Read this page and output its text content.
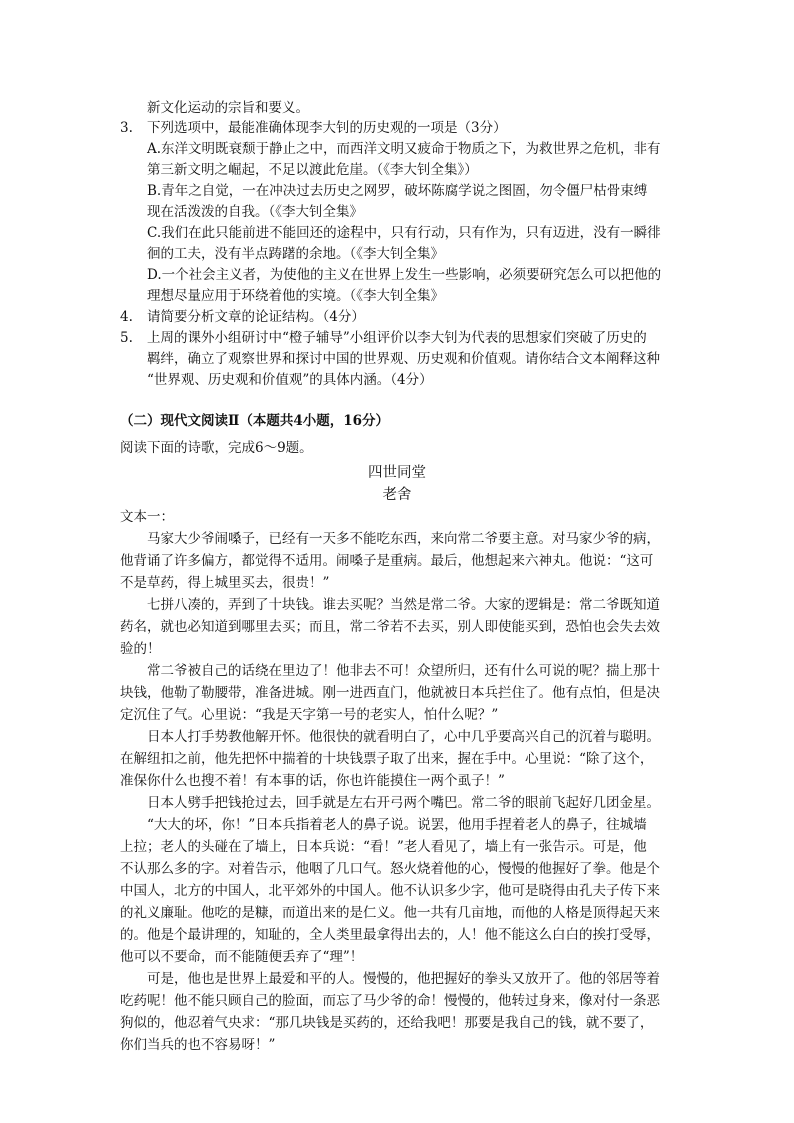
新文化运动的宗旨和要义。
3. 下列选项中，最能准确体现李大钊的历史观的一项是（3分）
A.东洋文明既衰颓于静止之中，而西洋文明又疲命于物质之下，为救世界之危机，非有
第三新文明之崛起，不足以渡此危崖。（《李大钊全集》）
B.青年之自觉，一在冲决过去历史之网罗，破坏陈腐学说之图圄，勿令僵尸枯骨束缚
现在活泼泼的自我。（《李大钊全集》
C.我们在此只能前进不能回还的途程中，只有行动，只有作为，只有迈进，没有一瞬徘
徊的工夫，没有半点踌躇的余地。（《李大钊全集》
D.一个社会主义者，为使他的主义在世界上发生一些影响，必须要研究怎么可以把他的
理想尽量应用于环绕着他的实境。（《李大钊全集》
4. 请简要分析文章的论证结构。（4分）
5. 上周的课外小组研讨中“橙子辅导”小组评价以李大钊为代表的思想家们突破了历史的
羁绊，确立了观察世界和探讨中国的世界观、历史观和价值观。请你结合文本阐释这种
“世界观、历史观和价值观”的具体内涵。（4分）
（二）现代文阅读Ⅱ（本题共4小题，16分）
阅读下面的诗歌，完成6～9题。
四世同堂
老舍
文本一：
马家大少爷闹嗓子，已经有一天多不能吃东西，来向常二爷要主意。对马家少爷的病，
他背诵了许多偏方，都觉得不适用。闹嗓子是重病。最后，他想起来六神丸。他说：“这可
不是草药，得上城里买去，很贵！”
七拼八凑的，弄到了十块钱。谁去买呢？当然是常二爷。大家的逻辑是：常二爷既知道
药名，就也必知道到哪里去买；而且，常二爷若不去买，别人即使能买到，恐怕也会失去效
验的！
常二爷被自己的话绕在里边了！他非去不可！众望所归，还有什么可说的呢？揣上那十
块钱，他勒了勒腰带，准备进城。刚一进西直门，他就被日本兵拦住了。他有点怕，但是决
定沉住了气。心里说：“我是天字第一号的老实人，怕什么呢？”
日本人打手势教他解开怀。他很快的就看明白了，心中几乎要高兴自己的沉着与聪明。
在解纽扣之前，他先把怀中揣着的十块钱票子取了出来，握在手中。心里说：“除了这个，
准保你什么也搜不着！有本事的话，你也许能摸住一两个虱子！”
日本人劈手把钱抢过去，回手就是左右开弓两个嘴巴。常二爷的眼前飞起好几团金星。
“大大的坏，你！”日本兵指着老人的鼻子说。说罢，他用手捏着老人的鼻子，往城墙
上拉；老人的头碰在了墙上，日本兵说：“看！”老人看见了，墙上有一张告示。可是，他
不认那么多的字。对着告示，他咽了几口气。怒火烧着他的心，慢慢的他握好了拳。他是个
中国人，北方的中国人，北平郊外的中国人。他不认识多少字，他可是晓得由孔夫子传下来
的礼义廉耻。他吃的是糠，而道出来的是仁义。他一共有几亩地，而他的人格是顶得起天来
的。他是个最讲理的，知耻的，全人类里最拿得出去的，人！他不能这么白白的挨打受辱，
他可以不要命，而不能随便丢弃了“理”！
可是，他也是世界上最爱和平的人。慢慢的，他把握好的拳头又放开了。他的邻居等着
吃药呢！他不能只顾自己的脸面，而忘了马少爷的命！慢慢的，他转过身来，像对付一条恶
狗似的，他忍着气央求：“那几块钱是买药的，还给我吧！那要是我自己的钱，就不要了，
你们当兵的也不容易呀！”
